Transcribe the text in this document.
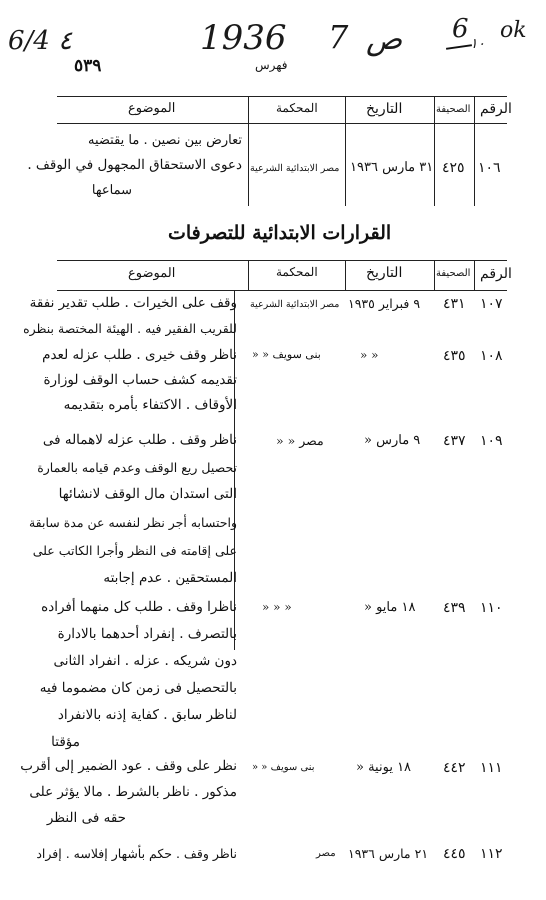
6/4 ٤	1936 7 ص 6 ١٠
ok
٥٣٩	فهرس
الرقم
الصحيفة
التاريخ
المحكمة
الموضوع
١٠٦
٤٢٥
٣١ مارس ١٩٣٦
مصر الابتدائية الشرعية
تعارض بين نصين . ما يقتضيه
دعوى الاستحقاق المجهول في الوقف .
سماعها
القرارات الابتدائية للتصرفات
الرقم
الصحيفة
التاريخ
المحكمة
الموضوع
١٠٧
٤٣١
٩ فبراير ١٩٣٥
مصر الابتدائية الشرعية
وقف على الخيرات . طلب تقدير نفقة
للقريب الفقير فيه . الهيئة المختصة بنظره
١٠٨
٤٣٥
« «
بنى سويف « «
ناظر وقف خيرى . طلب عزله لعدم
تقديمه كشف حساب الوقف لوزارة
الأوقاف . الاكتفاء بأمره بتقديمه
١٠٩
٤٣٧
٩ مارس «
مصر « «
ناظر وقف . طلب عزله لاهماله فى
تحصيل ريع الوقف وعدم قيامه بالعمارة
التى استدان مال الوقف لانشائها
واحتسابه أجر نظر لنفسه عن مدة سابقة
على إقامته فى النظر وأجرا الكاتب على
المستحقين . عدم إجابته
١١٠
٤٣٩
١٨ مايو «
« « «
ناظرا وقف . طلب كل منهما أفراده
بالتصرف . إنفراد أحدهما بالادارة
دون شريكه . عزله . انفراد الثانى
بالتحصيل فى زمن كان مضموما فيه
لناظر سابق . كفاية إذنه بالانفراد
مؤقتا
١١١
٤٤٢
١٨ يونية «
بنى سويف « «
نظر على وقف . عود الضمير إلى أقرب
مذكور . ناظر بالشرط . مالا يؤثر على
حقه فى النظر
١١٢
٤٤٥
٢١ مارس ١٩٣٦
مصر
ناظر وقف . حكم بأشهار إفلاسه . إفراد
